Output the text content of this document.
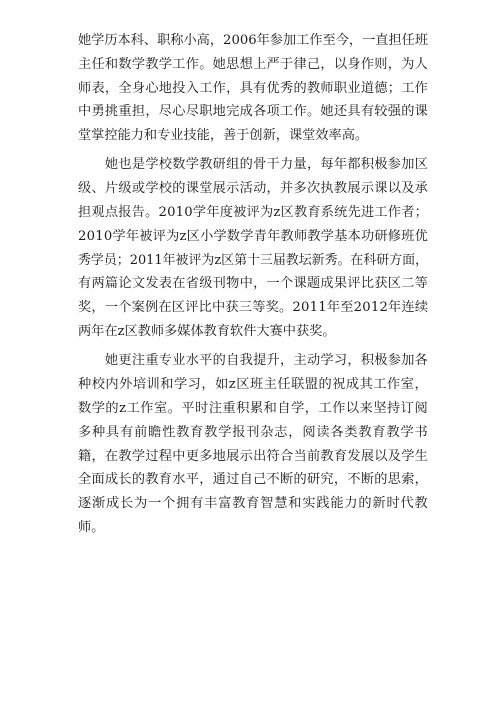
她学历本科、职称小高，2006年参加工作至今，一直担任班
主任和数学教学工作。她思想上严于律己，以身作则，为人
师表，全身心地投入工作，具有优秀的教师职业道德；工作
中勇挑重担，尽心尽职地完成各项工作。她还具有较强的课
堂掌控能力和专业技能，善于创新，课堂效率高。
　　她也是学校数学教研组的骨干力量，每年都积极参加区
级、片级或学校的课堂展示活动，并多次执教展示课以及承
担观点报告。2010学年度被评为z区教育系统先进工作者；
2010学年被评为z区小学数学青年教师教学基本功研修班优
秀学员；2011年被评为z区第十三届教坛新秀。在科研方面，
有两篇论文发表在省级刊物中，一个课题成果评比获区二等
奖，一个案例在区评比中获三等奖。2011年至2012年连续
两年在z区教师多媒体教育软件大赛中获奖。
　　她更注重专业水平的自我提升，主动学习，积极参加各
种校内外培训和学习，如z区班主任联盟的祝成其工作室，
数学的z工作室。平时注重积累和自学，工作以来坚持订阅
多种具有前瞻性教育教学报刊杂志，阅读各类教育教学书
籍，在教学过程中更多地展示出符合当前教育发展以及学生
全面成长的教育水平，通过自己不断的研究，不断的思索，
逐渐成长为一个拥有丰富教育智慧和实践能力的新时代教
师。
